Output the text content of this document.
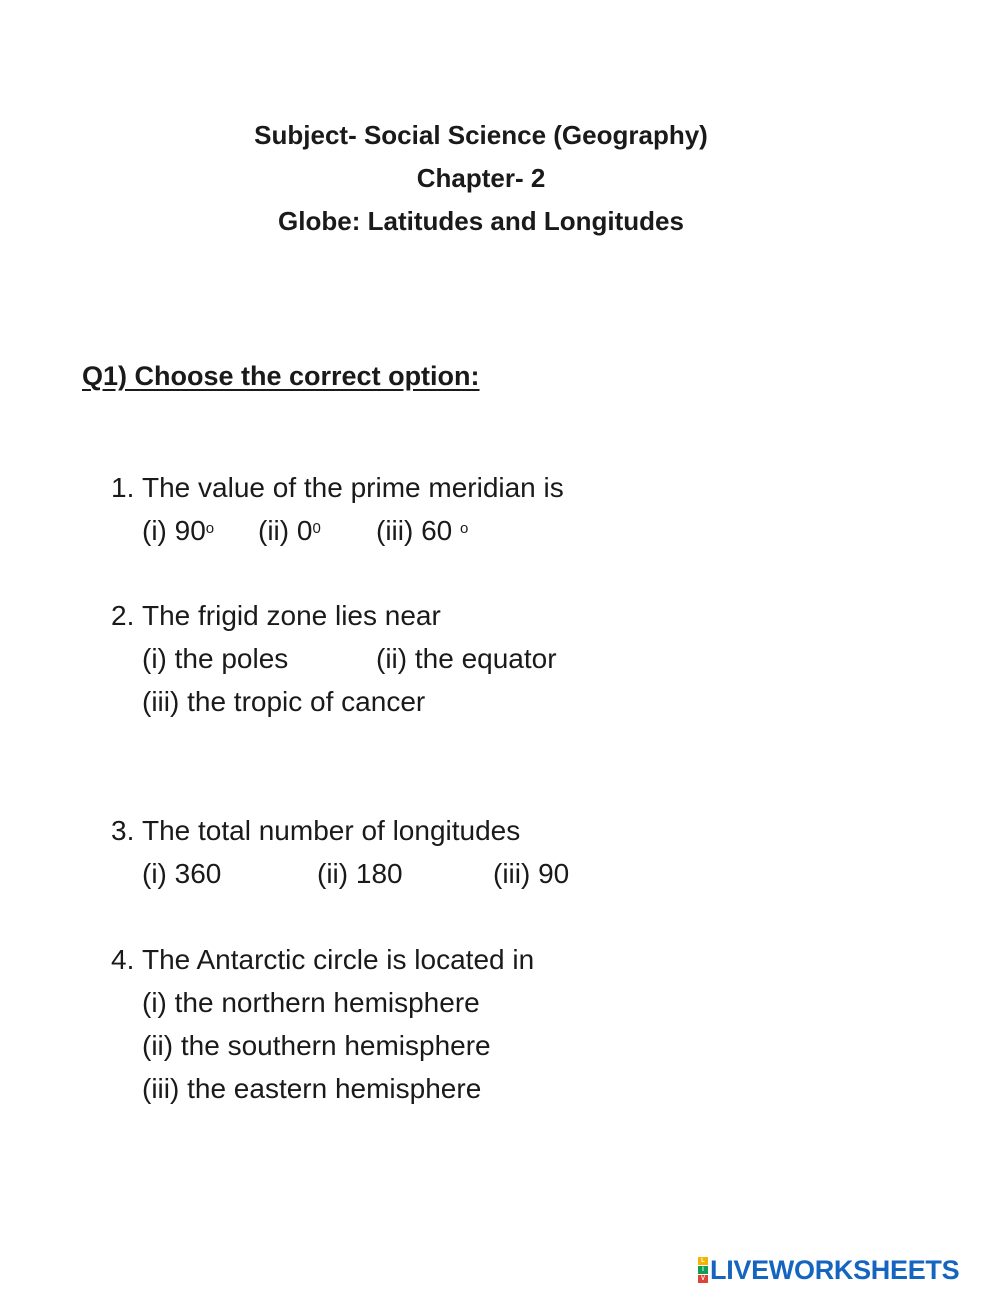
Subject- Social Science (Geography)
Chapter- 2
Globe: Latitudes and Longitudes
Q1) Choose the correct option:
1. The value of the prime meridian is
(i) 90$^o$ (ii) $0^0$ (iii) 60 $^o$
2. The frigid zone lies near
(i) the poles	(ii) the equator
(iii) the tropic of cancer
3. The total number of longitudes
(i) 360	(ii) 180	(iii) 90
4. The Antarctic circle is located in
(i) the northern hemisphere
(ii) the southern hemisphere
(iii) the eastern hemisphere
L
I
V LIVEWORKSHEETS
